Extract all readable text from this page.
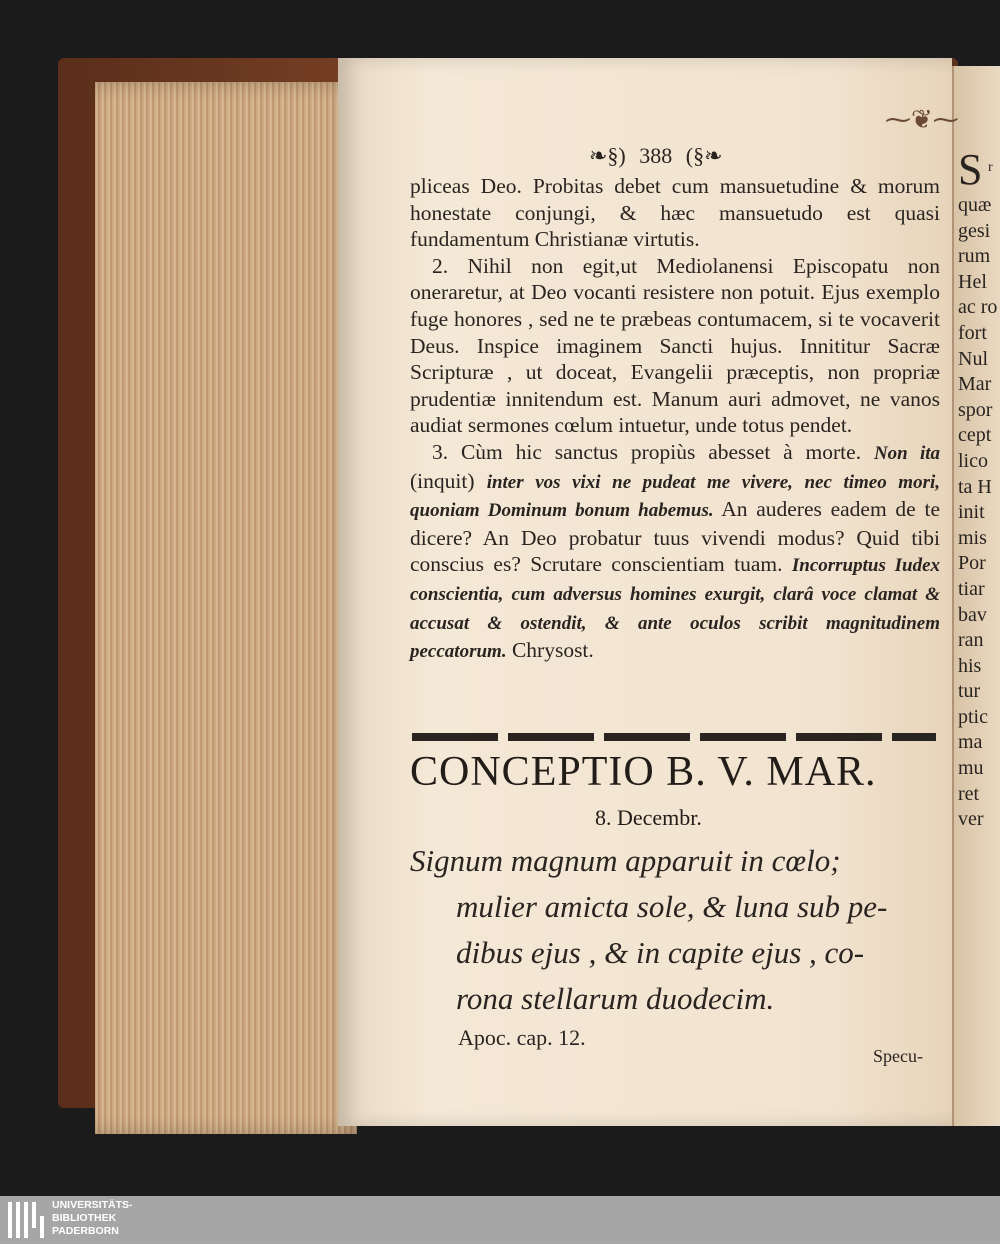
⁓❦⁓
❧§) 388 (§❧

pliceas Deo. Probitas debet cum mansuetudine & morum honestate conjungi, & hæc mansuetudo est quasi fundamentum Christianæ virtutis.

2. Nihil non egit,ut Mediolanensi Episcopatu non oneraretur, at Deo vocanti resistere non potuit. Ejus exemplo fuge honores , sed ne te præbeas contumacem, si te vocaverit Deus. Inspice imaginem Sancti hujus. Innititur Sacræ Scripturæ , ut doceat, Evangelii præceptis, non propriæ prudentiæ innitendum est. Manum auri admovet, ne vanos audiat sermones cœlum intuetur, unde totus pendet.

3. Cùm hic sanctus propiùs abesset à morte. Non ita (inquit) inter vos vixi ne pudeat me vivere, nec timeo mori, quoniam Dominum bonum habemus. An auderes eadem de te dicere? An Deo probatur tuus vivendi modus? Quid tibi conscius es? Scrutare conscientiam tuam. Incorruptus Iudex conscientia, cum adversus homines exurgit, clarâ voce clamat & accusat & ostendit, & ante oculos scribit magnitudinem peccatorum. Chrysost.

CONCEPTIO B. V. MAR.
8. Decembr.
Signum magnum apparuit in cœlo;
mulier amicta sole, & luna sub pe-
dibus ejus , & in capite ejus , co-
rona stellarum duodecim.
Apoc. cap. 12.
Specu-
S
quæ
gesi
rum
Hel
ac ro
fort
Nul
Mar
spor
cept
lico
ta H
init
mis
Por
tiar
bav
ran
his
tur
ptic
ma
mu
ret
ver
r
UNIVERSITÄTS-
BIBLIOTHEK
PADERBORN
